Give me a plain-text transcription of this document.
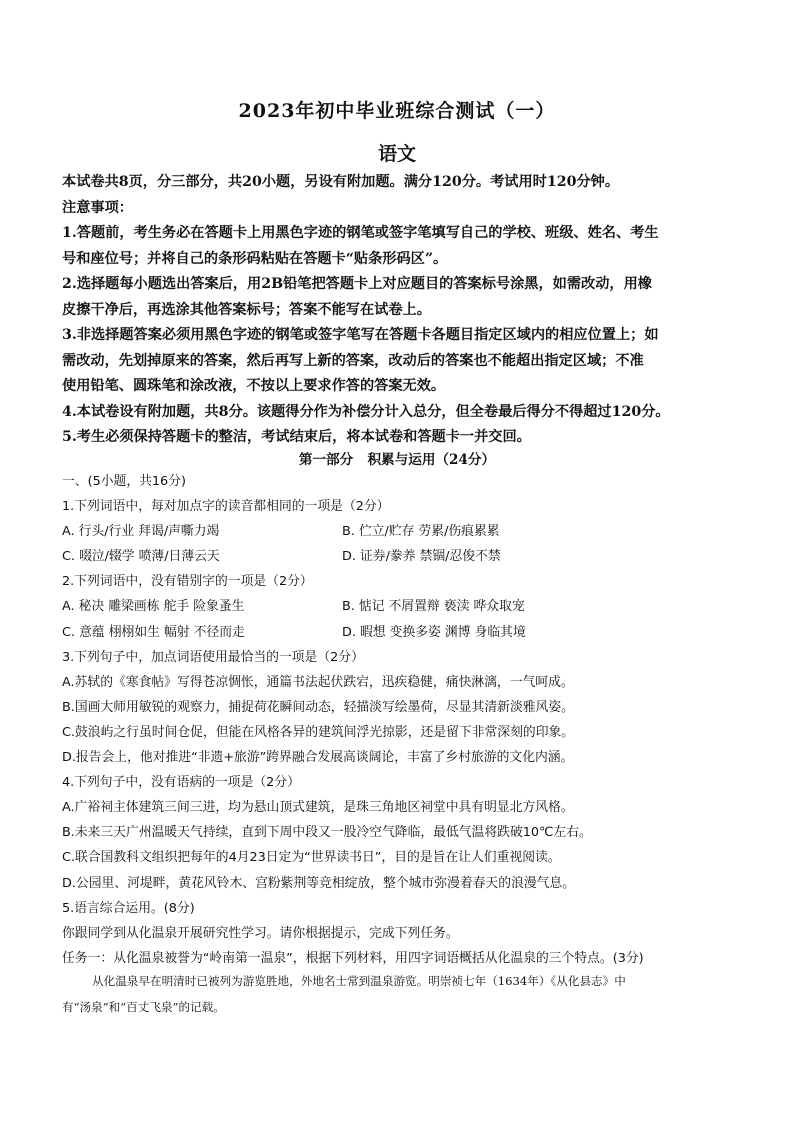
2023年初中毕业班综合测试（一）
语文

本试卷共8页，分三部分，共20小题，另设有附加题。满分120分。考试用时120分钟。

注意事项：

1.答题前，考生务必在答题卡上用黑色字迹的钢笔或签字笔填写自己的学校、班级、姓名、考生

号和座位号；并将自己的条形码粘贴在答题卡“贴条形码区”。

2.选择题每小题选出答案后，用2B铅笔把答题卡上对应题目的答案标号涂黑，如需改动，用橡

皮擦干净后，再选涂其他答案标号；答案不能写在试卷上。

3.非选择题答案必须用黑色字迹的钢笔或签字笔写在答题卡各题目指定区域内的相应位置上；如

需改动，先划掉原来的答案，然后再写上新的答案，改动后的答案也不能超出指定区域；不准

使用铅笔、圆珠笔和涂改液，不按以上要求作答的答案无效。

4.本试卷设有附加题，共8分。该题得分作为补偿分计入总分，但全卷最后得分不得超过120分。

5.考生必须保持答题卡的整洁，考试结束后，将本试卷和答题卡一并交回。

第一部分   积累与运用（24分）
一、(5小题，共16分)
1.下列词语中，每对加点字的读音都相同的一项是（2分）
A. 行头/行业 拜谒/声嘶力竭	B. 伫立/贮存 劳累/伤痕累累
C. 啜泣/辍学 喷薄/日薄云天	D. 证券/豢养 禁锢/忍俊不禁
2.下列词语中，没有错别字的一项是（2分）
A. 秘决 雕梁画栋 舵手 险象蚤生	B. 惦记 不屑置辩 亵渎 哗众取宠
C. 意蕴 栩栩如生 幅射 不径而走	D. 暇想 变换多姿 渊博 身临其境
3.下列句子中，加点词语使用最恰当的一项是（2分）
A.苏轼的《寒食帖》写得苍凉惆怅，通篇书法起伏跌宕，迅疾稳健，痛快淋漓，一气呵成。
B.国画大师用敏锐的观察力，捕捉荷花瞬间动态，轻描淡写绘墨荷，尽显其清新淡雅风姿。
C.鼓浪屿之行虽时间仓促，但能在风格各异的建筑间浮光掠影，还是留下非常深刻的印象。
D.报告会上，他对推进“非遗+旅游”跨界融合发展高谈阔论，丰富了乡村旅游的文化内涵。
4.下列句子中，没有语病的一项是（2分）
A.广裕祠主体建筑三间三进，均为悬山顶式建筑，是珠三角地区祠堂中具有明显北方风格。
B.未来三天广州温暖天气持续，直到下周中段又一股冷空气降临，最低气温将跌破10℃左右。
C.联合国教科文组织把每年的4月23日定为“世界读书日”，目的是旨在让人们重视阅读。
D.公园里、河堤畔，黄花风铃木、宫粉紫荆等竞相绽放，整个城市弥漫着春天的浪漫气息。
5.语言综合运用。(8分)
你跟同学到从化温泉开展研究性学习。请你根据提示，完成下列任务。
任务一：从化温泉被誉为“岭南第一温泉”，根据下列材料，用四字词语概括从化温泉的三个特点。(3分)
从化温泉早在明清时已被列为游览胜地，外地名士常到温泉游览。明崇祯七年（1634年）《从化县志》中
有“汤泉”和“百丈飞泉”的记载。
